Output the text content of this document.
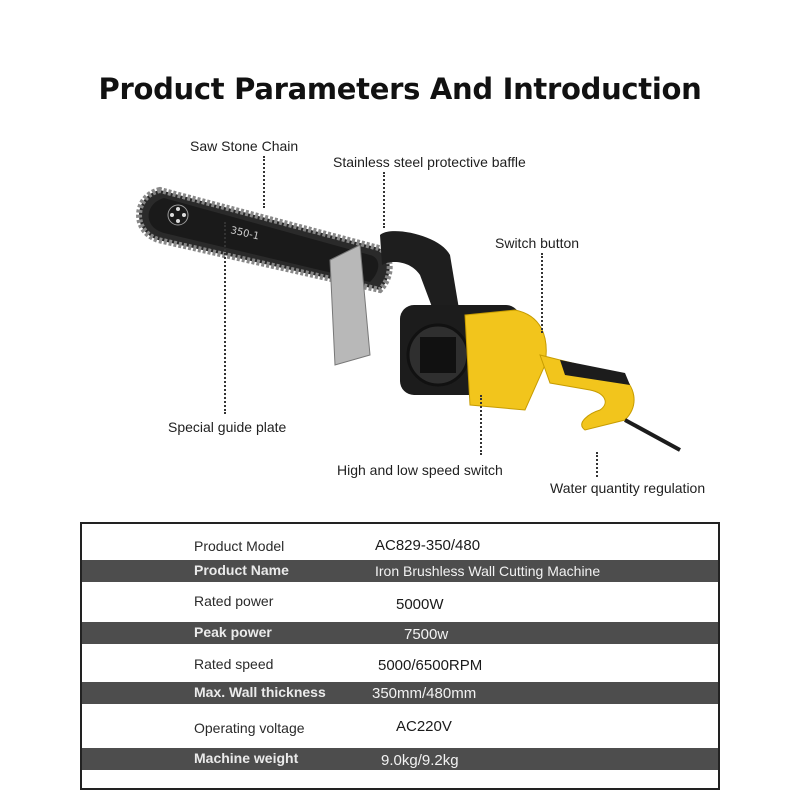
Product Parameters And Introduction
350-1
Saw Stone Chain
Stainless steel protective baffle
Switch button
Special guide plate
High and low speed switch
Water quantity regulation
Product Model	AC829-350/480
Product Name	Iron Brushless Wall Cutting Machine
Rated power	5000W
Peak power	7500w
Rated speed	5000/6500RPM
Max. Wall thickness	350mm/480mm
Operating voltage	AC220V
Machine weight	9.0kg/9.2kg
